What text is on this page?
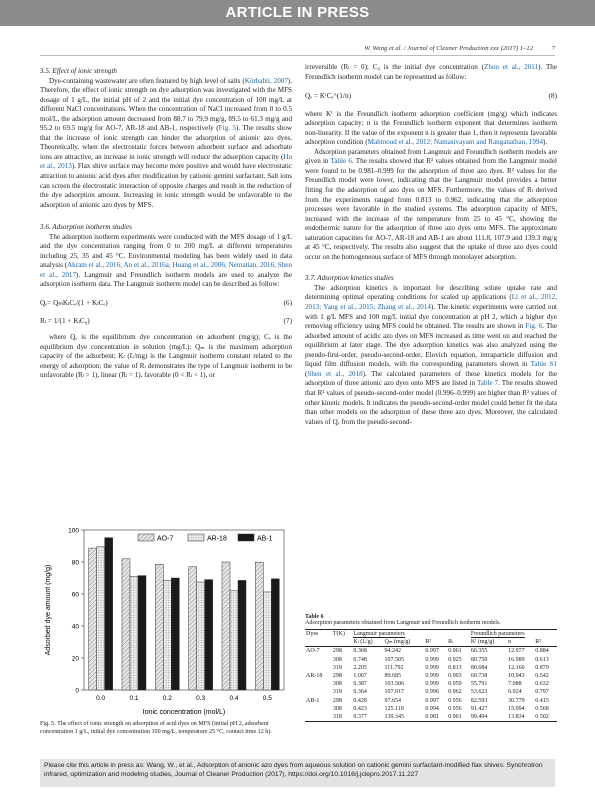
ARTICLE IN PRESS
W. Wang et al. / Journal of Cleaner Production xxx (2017) 1–12	7

3.5. Effect of ionic strength

Dye-containing wastewater are often featured by high level of salts (Körbahti, 2007). Therefore, the effect of ionic strength on dye adsorption was investigated with the MFS dosage of 1 g/L, the initial pH of 2 and the initial dye concentration of 100 mg/L at different NaCl concentrations. When the concentration of NaCl increased from 0 to 0.5 mol/L, the adsorption amount decreased from 88.7 to 79.9 mg/g, 89.5 to 61.3 mg/g and 95.2 to 69.5 mg/g for AO-7, AR-18 and AB-1, respectively (Fig. 5). The results show that the increase of ionic strength can hinder the adsorption of anionic azo dyes. Theoretically, when the electrostatic forces between adsorbent surface and adsorbate ions are attractive, an increase in ionic strength will reduce the adsorption capacity (Hu et al., 2013). Flax shive surface may become more positive and would have electrostatic attraction to anionic acid dyes after modification by cationic gemini surfactant. Salt ions can screen the electrostatic interaction of opposite charges and result in the reduction of the dye adsorption amount. Increasing in ionic strength would be unfavorable to the adsorption of anionic azo dyes by MFS.

3.6. Adsorption isotherm studies

The adsorption isotherm experiments were conducted with the MFS dosage of 1 g/L and the dye concentration ranging from 0 to 200 mg/L at different temperatures including 25, 35 and 45 °C. Environmental modeling has been widely used in data analysis (Akram et al., 2016; An et al., 2016a; Huang et al., 2006; Nematian, 2016; Shen et al., 2017). Langmuir and Freundlich isotherm models are used to analyze the adsorption isotherm data. The Langmuir isotherm model can be described as follow:

Qₑ= QₘKₗCₑ/(1 + KₗCₑ)	(6)
Rₗ = 1/(1 + KₗC₀)	(7)

where Qₑ is the equilibrium dye concentration on adsorbent (mg/g); Cₑ is the equilibrium dye concentration in solution (mg/L); Qₘ is the maximum adsorption capacity of the adsorbent; Kₗ (L/mg) is the Langmuir isotherm constant related to the energy of adsorption; the value of Rₗ demonstrates the type of Langmuir isotherm to be unfavorable (Rₗ > 1), linear (Rₗ = 1), favorable (0 < Rₗ < 1), or

0
20
40
60
80
100
0.0	0.1	0.2	0.3	0.4	0.5
AO-7	AR-18	AB-1
Ionic concentration (mol/L)
Adsorbed dye amount (mg/g)
Fig. 5. The effect of ionic strength on adsorption of acid dyes on MFS (initial pH 2, adsorbent concentration 1 g/L, initial dye concentration 100 mg/L, temperature 25 °C, contact time 12 h).

irreversible (Rₗ = 0); C₀ is the initial dye concentration (Zhou et al., 2011). The Freundlich isotherm model can be represented as follow:

Qₑ = KᶠCₑ^(1/n)	(8)

where Kᶠ is the Freundlich isotherm adsorption coefficient (mg/g) which indicates adsorption capacity; n is the Freundlich isotherm exponent that determines isotherm non-linearity. If the value of the exponent n is greater than 1, then it represents favorable adsorption condition (Mahmoud et al., 2012; Namasivayam and Ranganathan, 1994).

Adsorption parameters obtained from Langmuir and Freundlich isotherm models are given in Table 6. The results showed that R² values obtained from the Langmuir model were found to be 0.981–0.999 for the adsorption of three azo dyes. R² values for the Freundlich model were lower, indicating that the Langmuir model provides a better fitting for the adsorption of azo dyes on MFS. Furthermore, the values of Rₗ derived from the experiments ranged from 0.813 to 0.962, indicating that the adsorption processes were favorable in the studied systems. The adsorption capacity of MFS, increased with the increase of the temperature from 25 to 45 °C, showing the endothermic nature for the adsorption of three azo dyes onto MFS. The approximate saturation capacities for AO-7, AR-18 and AB-1 are about 111.8, 107.9 and 139.3 mg/g at 45 °C, respectively. The results also suggest that the uptake of three azo dyes could occur on the homogeneous surface of MFS through monolayer adsorption.

3.7. Adsorption kinetics studies

The adsorption kinetics is important for describing solute uptake rate and determining optimal operating conditions for scaled up applications (Li et al., 2012, 2013; Yang et al., 2015; Zhang et al., 2014). The kinetic experiments were carried out with 1 g/L MFS and 100 mg/L initial dye concentration at pH 2, which a higher dye removing efficiency using MFS could be obtained. The results are shown in Fig. 6. The adsorbed amount of acidic azo dyes on MFS increased as time went on and reached the equilibrium at later stage. The dye adsorption kinetics was also analyzed using the pseudo-first-order, pseudo-second-order, Elovich equation, intraparticle diffusion and liquid film diffusion models, with the corresponding parameters shown in Table S1 (Shen et al., 2018). The calculated parameters of these kinetics models for the adsorption of three anionic azo dyes onto MFS are listed in Table 7. The results showed that R² values of pseudo-second-order model (0.996–0.999) are higher than R² values of other kinetic models. It indicates the pseudo-second-order model could better fit the data than other models on the adsorption of these three azo dyes. Moreover, the calculated values of Qₑ from the pseudo-second-

Table 6
Adsorption parameters obtained from Langmuir and Freundlich isotherm models.
Dyes	T(K)	Langmuir parameters				Freundlich parameters		
		Kₗ (L/g)	Qₘ (mg/g)	R²	Rₗ	Kᶠ (mg/g)	n	R²
AO-7	298	0.368	94.242	0.997	0.961	66.355	12.977	0.884
	308	0.748	107.505	0.999	0.925	80.750	16.989	0.613
	318	2.205	111.792	0.999	0.813	80.684	12.160	0.879
AR-18	298	1.007	89.685	0.999	0.903	60.738	10.943	0.542
	308	0.387	103.506	0.999	0.959	55.791	7.088	0.632
	318	0.364	107.917	0.996	0.962	53.623	6.924	0.797
AB-1	298	0.428	97.654	0.997	0.956	82.593	30.779	0.415
	308	0.423	125.119	0.994	0.956	91.427	15.094	0.568
	318	0.377	139.345	0.981	0.961	99.494	13.834	0.502
Please cite this article in press as: Wang, W., et al., Adsorption of anionic azo dyes from aqueous solution on cationic gemini surfactant-modified flax shives: Synchrotron infrared, optimization and modeling studies, Journal of Cleaner Production (2017), https://doi.org/10.1016/j.jclepro.2017.11.227
